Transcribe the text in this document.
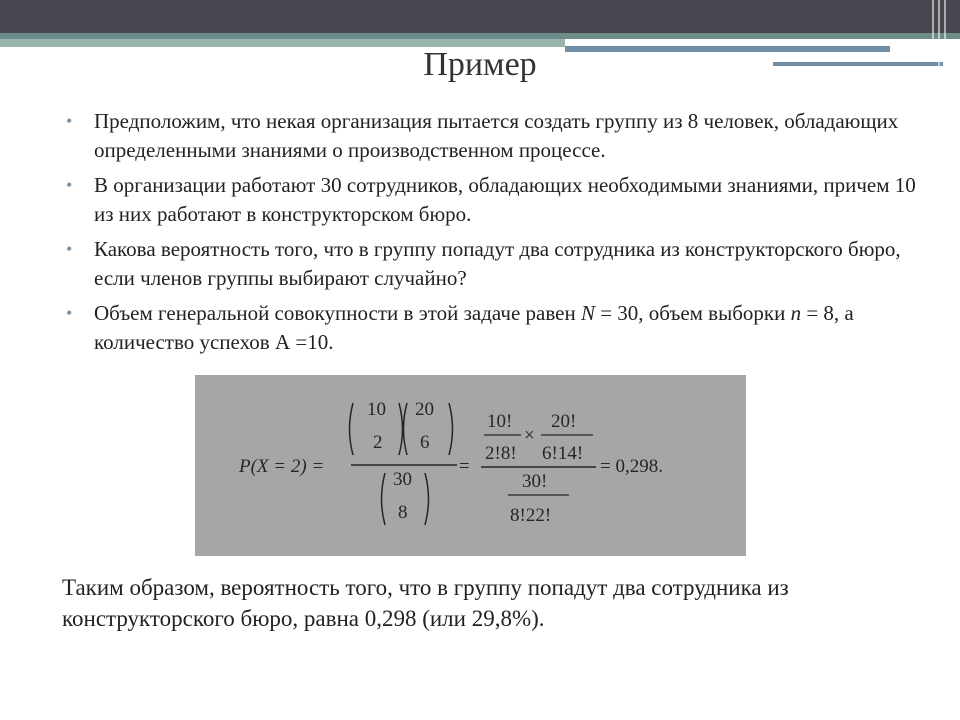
Пример
• Предположим, что некая организация пытается создать группу из 8 человек, обладающих определенными знаниями о производственном процессе.
• В организации работают 30 сотрудников, обладающих необходимыми знаниями, причем 10 из них работают в конструкторском бюро.
• Какова вероятность того, что в группу попадут два сотрудника из конструкторского бюро, если членов группы выбирают случайно?
• Объем генеральной совокупности в этой задаче равен N = 30, объем выборки n = 8, а количество успехов А =10.
P(X = 2) =
10
2
20
6
30
8
=
10!
2!8!
×
20!
6!14!
30!
8!22!
= 0,298.
Таким образом, вероятность того, что в группу попадут два сотрудника из конструкторского бюро, равна 0,298 (или 29,8%).
